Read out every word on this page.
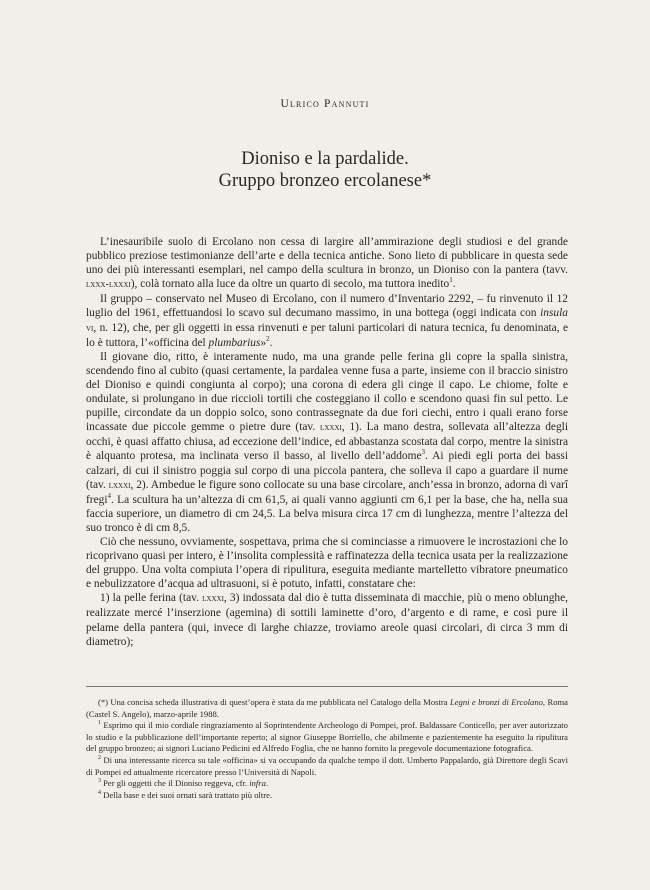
Ulrico Pannuti
Dioniso e la pardalide.
Gruppo bronzeo ercolanese*

L’inesauribile suolo di Ercolano non cessa di largire all’ammirazione degli studiosi e del grande pubblico preziose testimonianze dell’arte e della tecnica antiche. Sono lieto di pubblicare in questa sede uno dei più interessanti esemplari, nel campo della scultura in bronzo, un Dioniso con la pantera (tavv. lxxx-lxxxi), colà tornato alla luce da oltre un quarto di secolo, ma tuttora inedito$^1$.

Il gruppo – conservato nel Museo di Ercolano, con il numero d’Inventario 2292, – fu rinvenuto il 12 luglio del 1961, effettuandosi lo scavo sul decumano massimo, in una bottega (oggi indicata con insula vi, n. 12), che, per gli oggetti in essa rinvenuti e per taluni particolari di natura tecnica, fu denominata, e lo è tuttora, l’«officina del plumbarius»$^2$.

Il giovane dio, ritto, è interamente nudo, ma una grande pelle ferina gli copre la spalla sinistra, scendendo fino al cubito (quasi certamente, la pardalea venne fusa a parte, insieme con il braccio sinistro del Dioniso e quindi congiunta al corpo); una corona di edera gli cinge il capo. Le chiome, folte e ondulate, si prolungano in due riccioli tortili che costeggiano il collo e scendono quasi fin sul petto. Le pupille, circondate da un doppio solco, sono contrassegnate da due fori ciechi, entro i quali erano forse incassate due piccole gemme o pietre dure (tav. lxxxi, 1). La mano destra, sollevata all’altezza degli occhi, è quasi affatto chiusa, ad eccezione dell’indice, ed abbastanza scostata dal corpo, mentre la sinistra è alquanto protesa, ma inclinata verso il basso, al livello dell’addome$^3$. Ai piedi egli porta dei bassi calzari, di cui il sinistro poggia sul corpo di una piccola pantera, che solleva il capo a guardare il nume (tav. lxxxi, 2). Ambedue le figure sono collocate su una base circolare, anch’essa in bronzo, adorna di varî fregi$^4$. La scultura ha un’altezza di cm 61,5, ai quali vanno aggiunti cm 6,1 per la base, che ha, nella sua faccia superiore, un diametro di cm 24,5. La belva misura circa 17 cm di lunghezza, mentre l’altezza del suo tronco è di cm 8,5.

Ciò che nessuno, ovviamente, sospettava, prima che si cominciasse a rimuovere le incrostazioni che lo ricoprivano quasi per intero, è l’insolita complessità e raffinatezza della tecnica usata per la realizzazione del gruppo. Una volta compiuta l’opera di ripulitura, eseguita mediante martelletto vibratore pneumatico e nebulizzatore d’acqua ad ultrasuoni, si è potuto, infatti, constatare che:

1) la pelle ferina (tav. lxxxi, 3) indossata dal dio è tutta disseminata di macchie, più o meno oblunghe, realizzate mercé l’inserzione (agemina) di sottili laminette d’oro, d’argento e di rame, e così pure il pelame della pantera (qui, invece di larghe chiazze, troviamo areole quasi circolari, di circa 3 mm di diametro);

(*) Una concisa scheda illustrativa di quest’opera è stata da me pubblicata nel Catalogo della Mostra Legni e bronzi di Ercolano, Roma (Castel S. Angelo), marzo-aprile 1988.

$^1$ Esprimo qui il mio cordiale ringraziamento al Soprintendente Archeologo di Pompei, prof. Baldassare Conticello, per aver autorizzato lo studio e la pubblicazione dell’importante reperto; al signor Giuseppe Borriello, che abilmente e pazientemente ha eseguito la ripulitura del gruppo bronzeo; ai signori Luciano Pedicini ed Alfredo Foglia, che ne hanno fornito la pregevole documentazione fotografica.

$^2$ Di una interessante ricerca su tale «officina» si va occupando da qualche tempo il dott. Umberto Pappalardo, già Direttore degli Scavi di Pompei ed attualmente ricercatore presso l’Università di Napoli.

$^3$ Per gli oggetti che il Dioniso reggeva, cfr. infra.

$^4$ Della base e dei suoi ornati sarà trattato più oltre.
